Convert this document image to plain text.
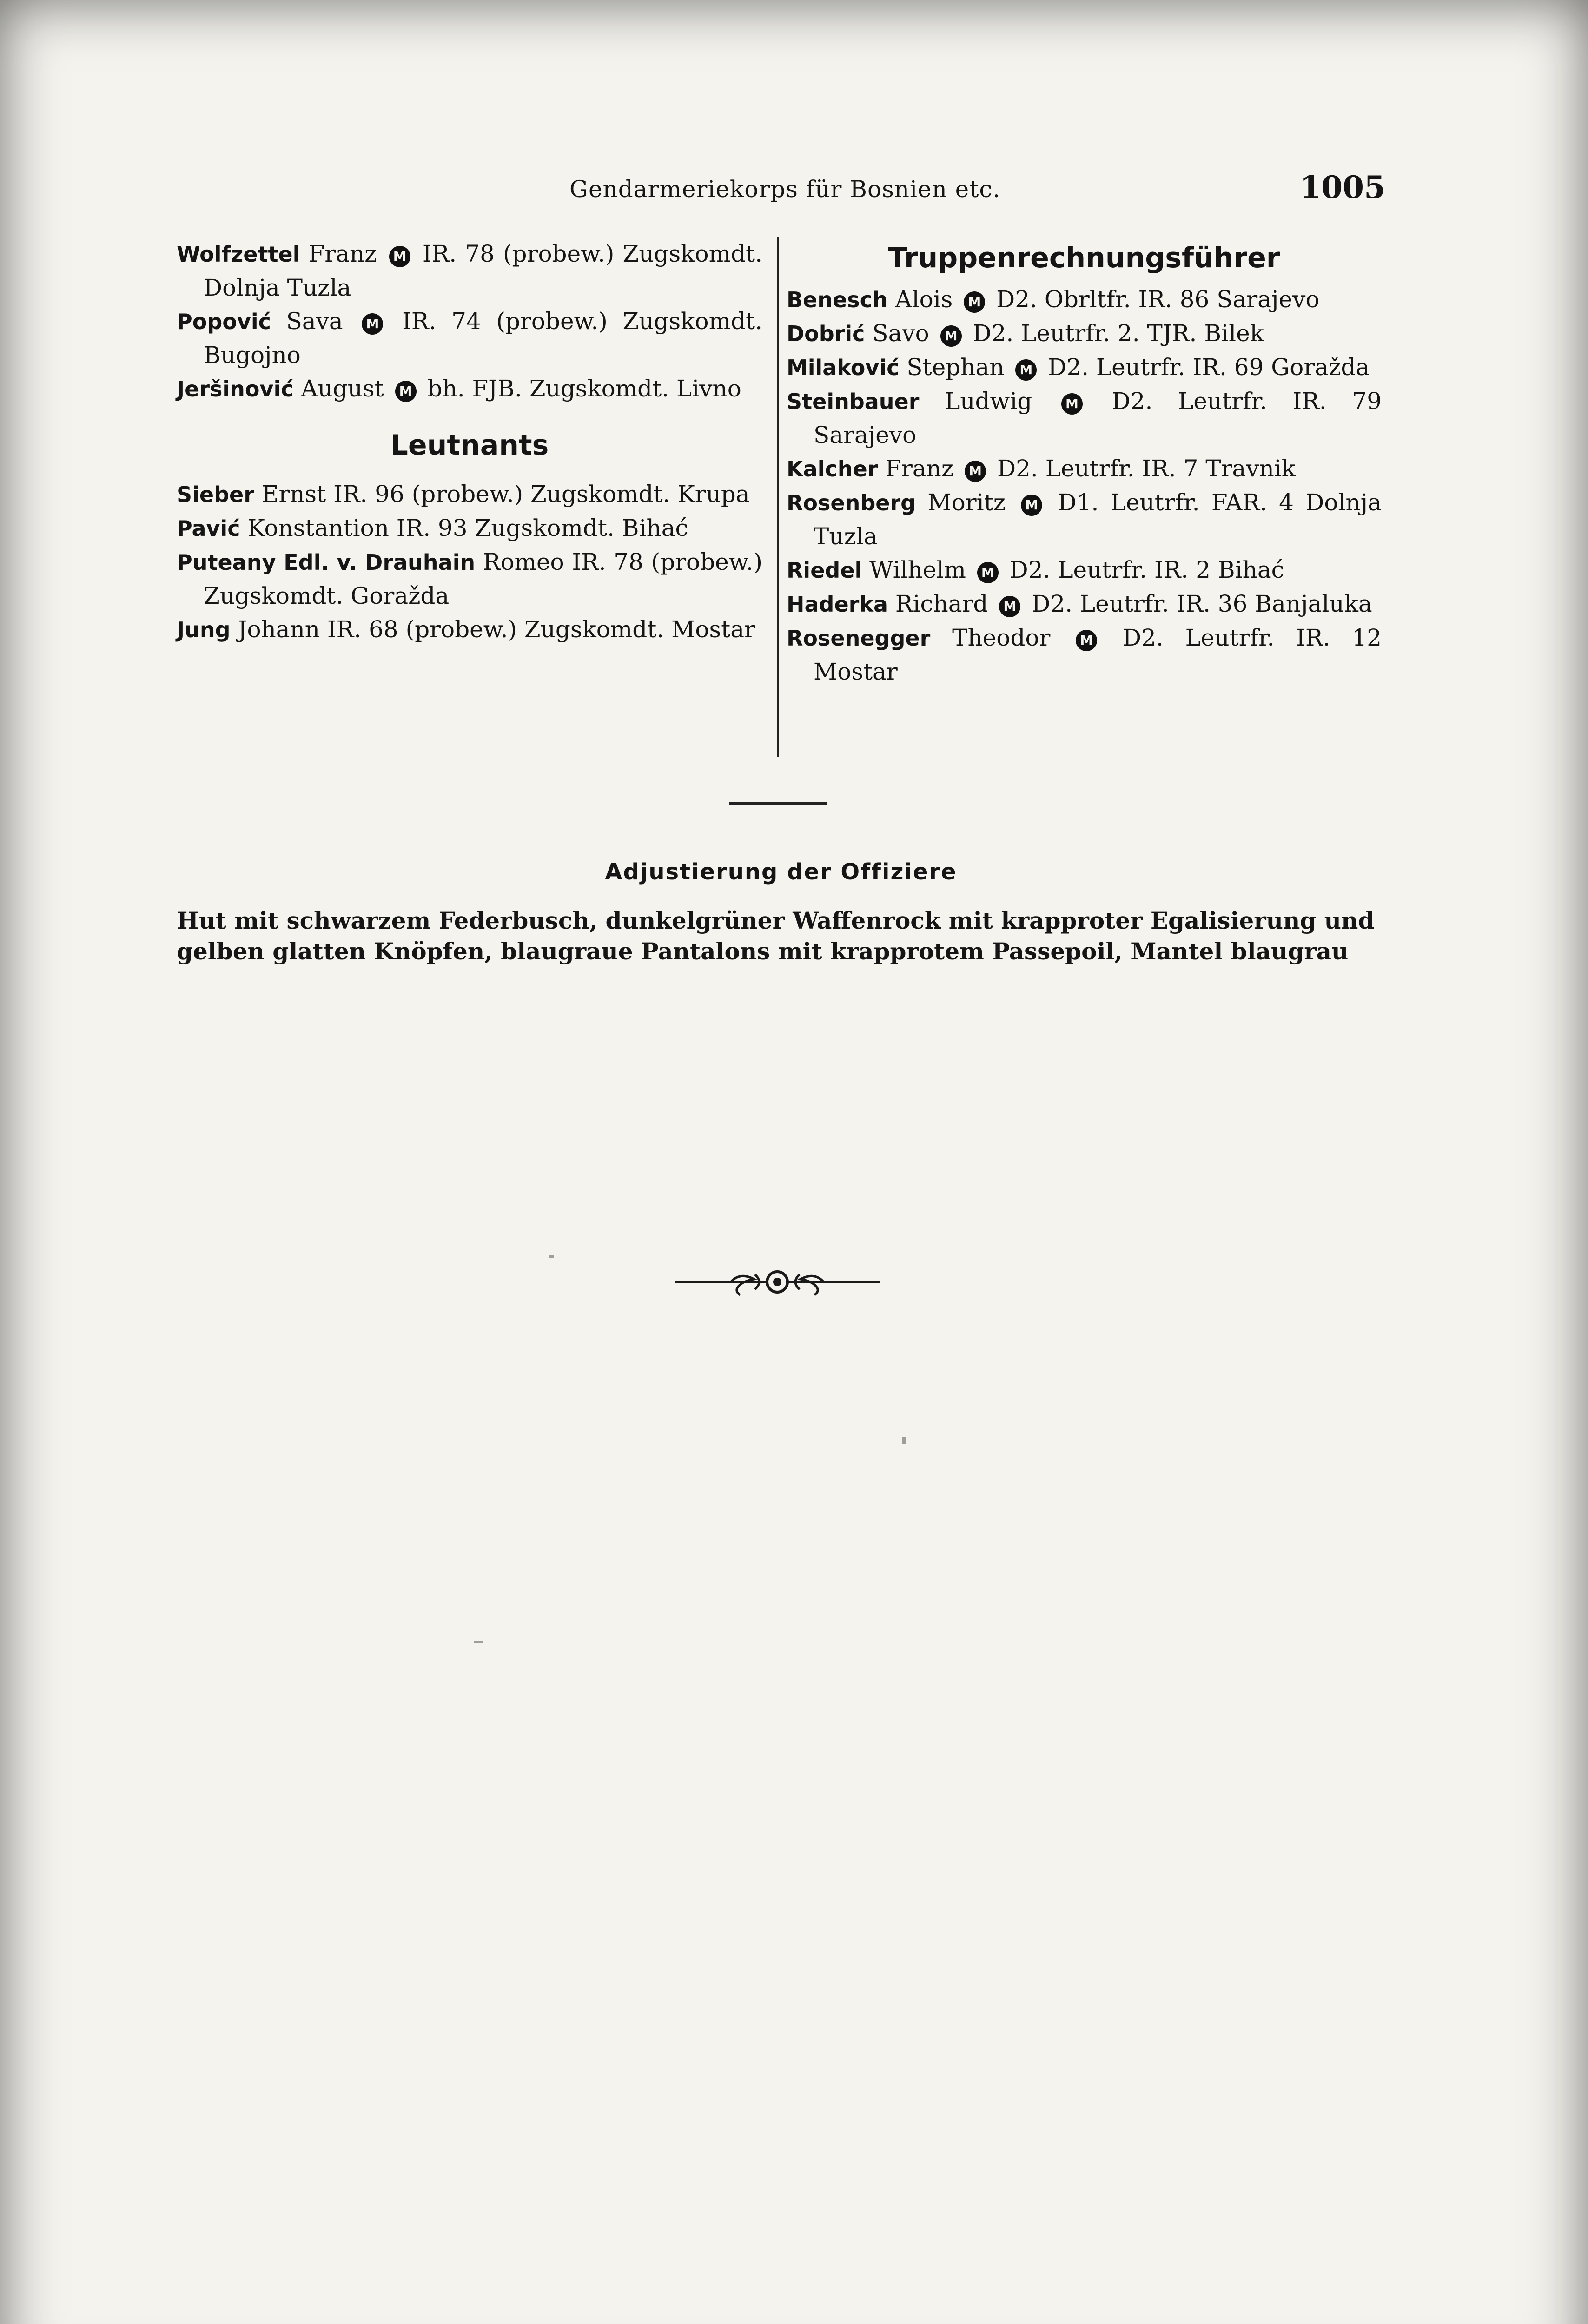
Gendarmeriekorps für Bosnien etc.	1005

Wolfzettel Franz M IR. 78 (probew.) Zugskomdt. Dolnja Tuzla

Popović Sava M IR. 74 (probew.) Zugskomdt. Bugojno

Jeršinović August M bh. FJB. Zugskomdt. Livno

Leutnants

Sieber Ernst IR. 96 (probew.) Zugskomdt. Krupa

Pavić Konstantion IR. 93 Zugskomdt. Bihać

Puteany Edl. v. Drauhain Romeo IR. 78 (probew.) Zugskomdt. Goražda

Jung Johann IR. 68 (probew.) Zugskomdt. Mostar

Truppenrechnungsführer

Benesch Alois M D2. Obrltfr. IR. 86 Sarajevo

Dobrić Savo M D2. Leutrfr. 2. TJR. Bilek

Milaković Stephan M D2. Leutrfr. IR. 69 Goražda

Steinbauer Ludwig M D2. Leutrfr. IR. 79 Sarajevo

Kalcher Franz M D2. Leutrfr. IR. 7 Travnik

Rosenberg Moritz M D1. Leutrfr. FAR. 4 Dolnja Tuzla

Riedel Wilhelm M D2. Leutrfr. IR. 2 Bihać

Haderka Richard M D2. Leutrfr. IR. 36 Banjaluka

Rosenegger Theodor M D2. Leutrfr. IR. 12 Mostar

Adjustierung der Offiziere
Hut mit schwarzem Federbusch, dunkelgrüner Waffenrock mit krapproter Egalisierung und
gelben glatten Knöpfen, blaugraue Pantalons mit krapprotem Passepoil, Mantel blaugrau
